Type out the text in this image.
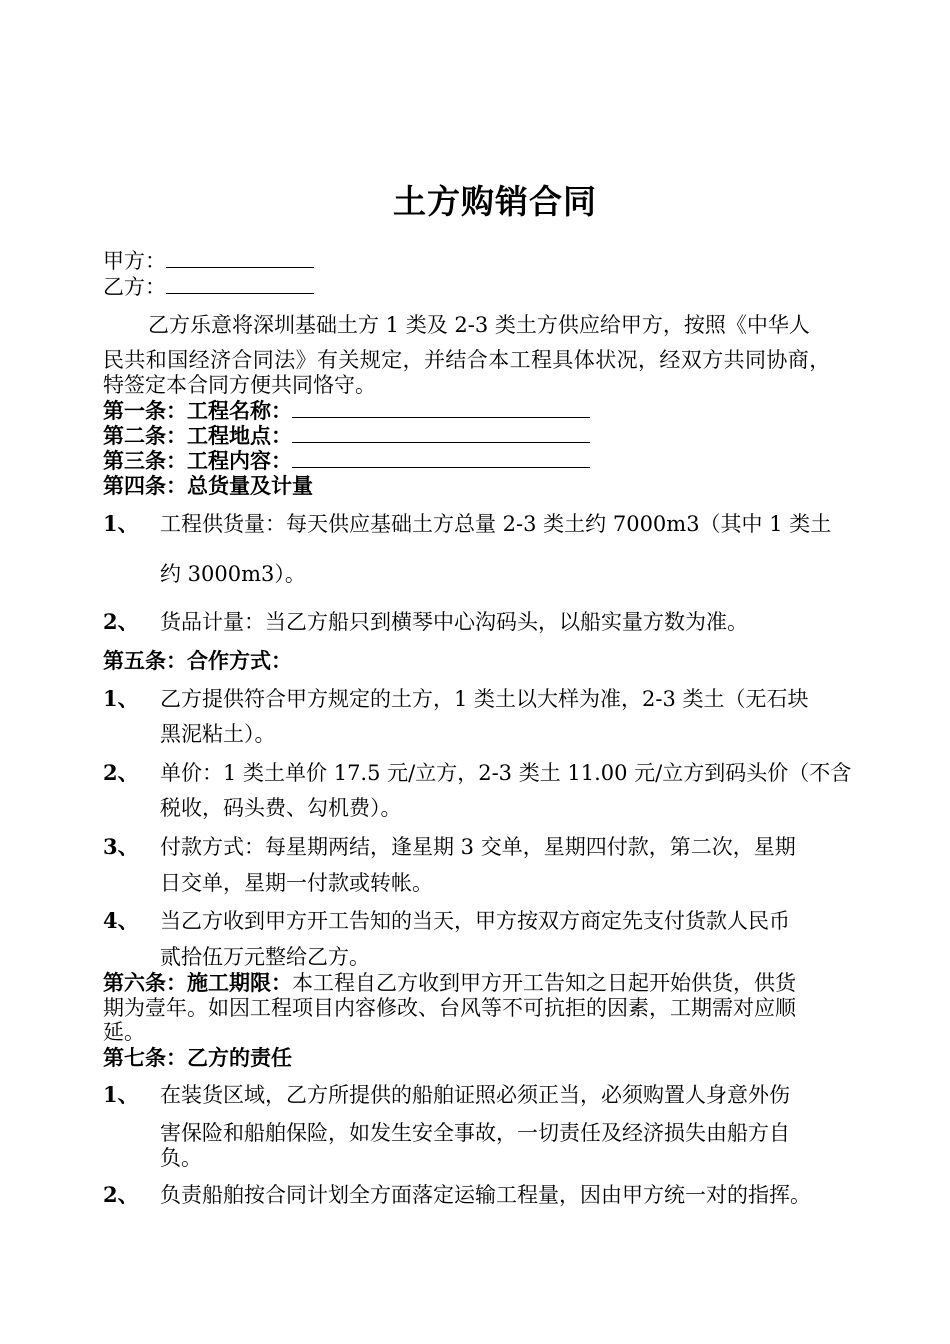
土方购销合同
甲方：
乙方：
乙方乐意将深圳基础土方 1 类及 2-3 类土方供应给甲方，按照《中华人
民共和国经济合同法》有关规定，并结合本工程具体状况，经双方共同协商，
特签定本合同方便共同恪守。
第一条：工程名称：
第二条：工程地点：
第三条：工程内容：
第四条：总货量及计量
1、 工程供货量：每天供应基础土方总量 2-3 类土约 7000m3（其中 1 类土
约 3000m3）。
2、 货品计量：当乙方船只到横琴中心沟码头，以船实量方数为准。
第五条：合作方式：
1、 乙方提供符合甲方规定的土方，1 类土以大样为准，2-3 类土（无石块
黑泥粘土）。
2、 单价：1 类土单价 17.5 元/立方，2-3 类土 11.00 元/立方到码头价（不含
税收，码头费、勾机费）。
3、 付款方式：每星期两结，逢星期 3 交单，星期四付款，第二次，星期
日交单，星期一付款或转帐。
4、 当乙方收到甲方开工告知的当天，甲方按双方商定先支付货款人民币
贰拾伍万元整给乙方。
第六条：施工期限：本工程自乙方收到甲方开工告知之日起开始供货，供货
期为壹年。如因工程项目内容修改、台风等不可抗拒的因素，工期需对应顺
延。
第七条：乙方的责任
1、 在装货区域，乙方所提供的船舶证照必须正当，必须购置人身意外伤
害保险和船舶保险，如发生安全事故，一切责任及经济损失由船方自
负。
2、 负责船舶按合同计划全方面落定运输工程量，因由甲方统一对的指挥。
